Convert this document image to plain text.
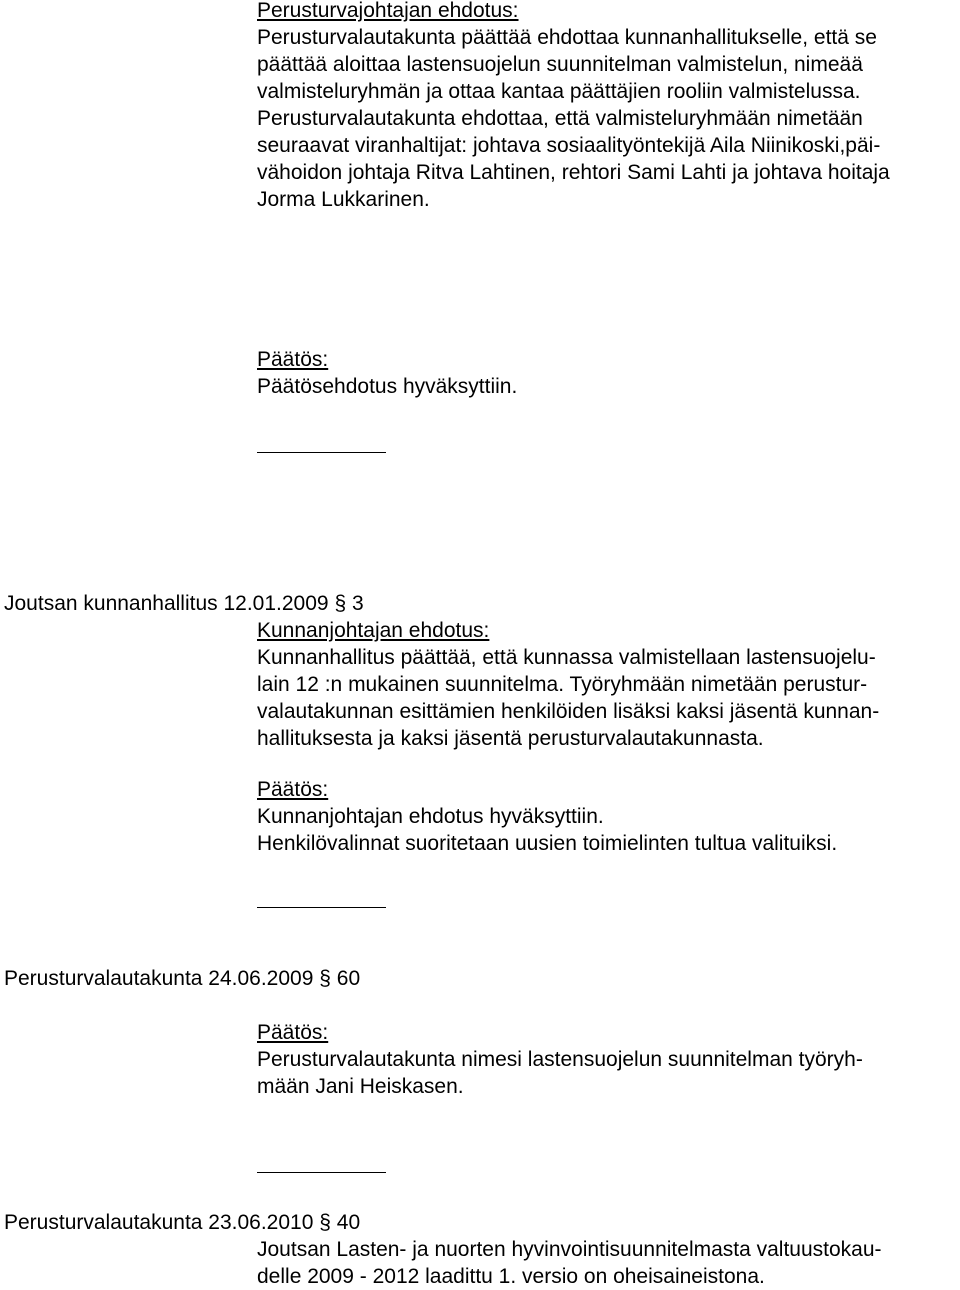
Perusturvajohtajan ehdotus:
Perusturvalautakunta päättää ehdottaa kunnanhallitukselle, että se
päättää aloittaa lastensuojelun suunnitelman valmistelun, nimeää
valmisteluryhmän ja ottaa kantaa päättäjien rooliin valmistelussa.
Perusturvalautakunta ehdottaa, että valmisteluryhmään nimetään
seuraavat viranhaltijat: johtava sosiaalityöntekijä Aila Niinikoski,päi-
vähoidon johtaja Ritva Lahtinen, rehtori Sami Lahti ja johtava hoitaja
Jorma Lukkarinen.
Päätös:
Päätösehdotus hyväksyttiin.
Joutsan kunnanhallitus 12.01.2009 § 3
Kunnanjohtajan ehdotus:
Kunnanhallitus päättää, että kunnassa valmistellaan lastensuojelu-
lain 12 :n mukainen suunnitelma. Työryhmään nimetään perustur-
valautakunnan esittämien henkilöiden lisäksi kaksi jäsentä kunnan-
hallituksesta ja kaksi jäsentä perusturvalautakunnasta.
Päätös:
Kunnanjohtajan ehdotus hyväksyttiin.
Henkilövalinnat suoritetaan uusien toimielinten tultua valituiksi.
Perusturvalautakunta 24.06.2009 § 60
Päätös:
Perusturvalautakunta nimesi lastensuojelun suunnitelman työryh-
mään Jani Heiskasen.
Perusturvalautakunta 23.06.2010 § 40
Joutsan Lasten- ja nuorten hyvinvointisuunnitelmasta valtuustokau-
delle 2009 - 2012 laadittu 1. versio on oheisaineistona.
